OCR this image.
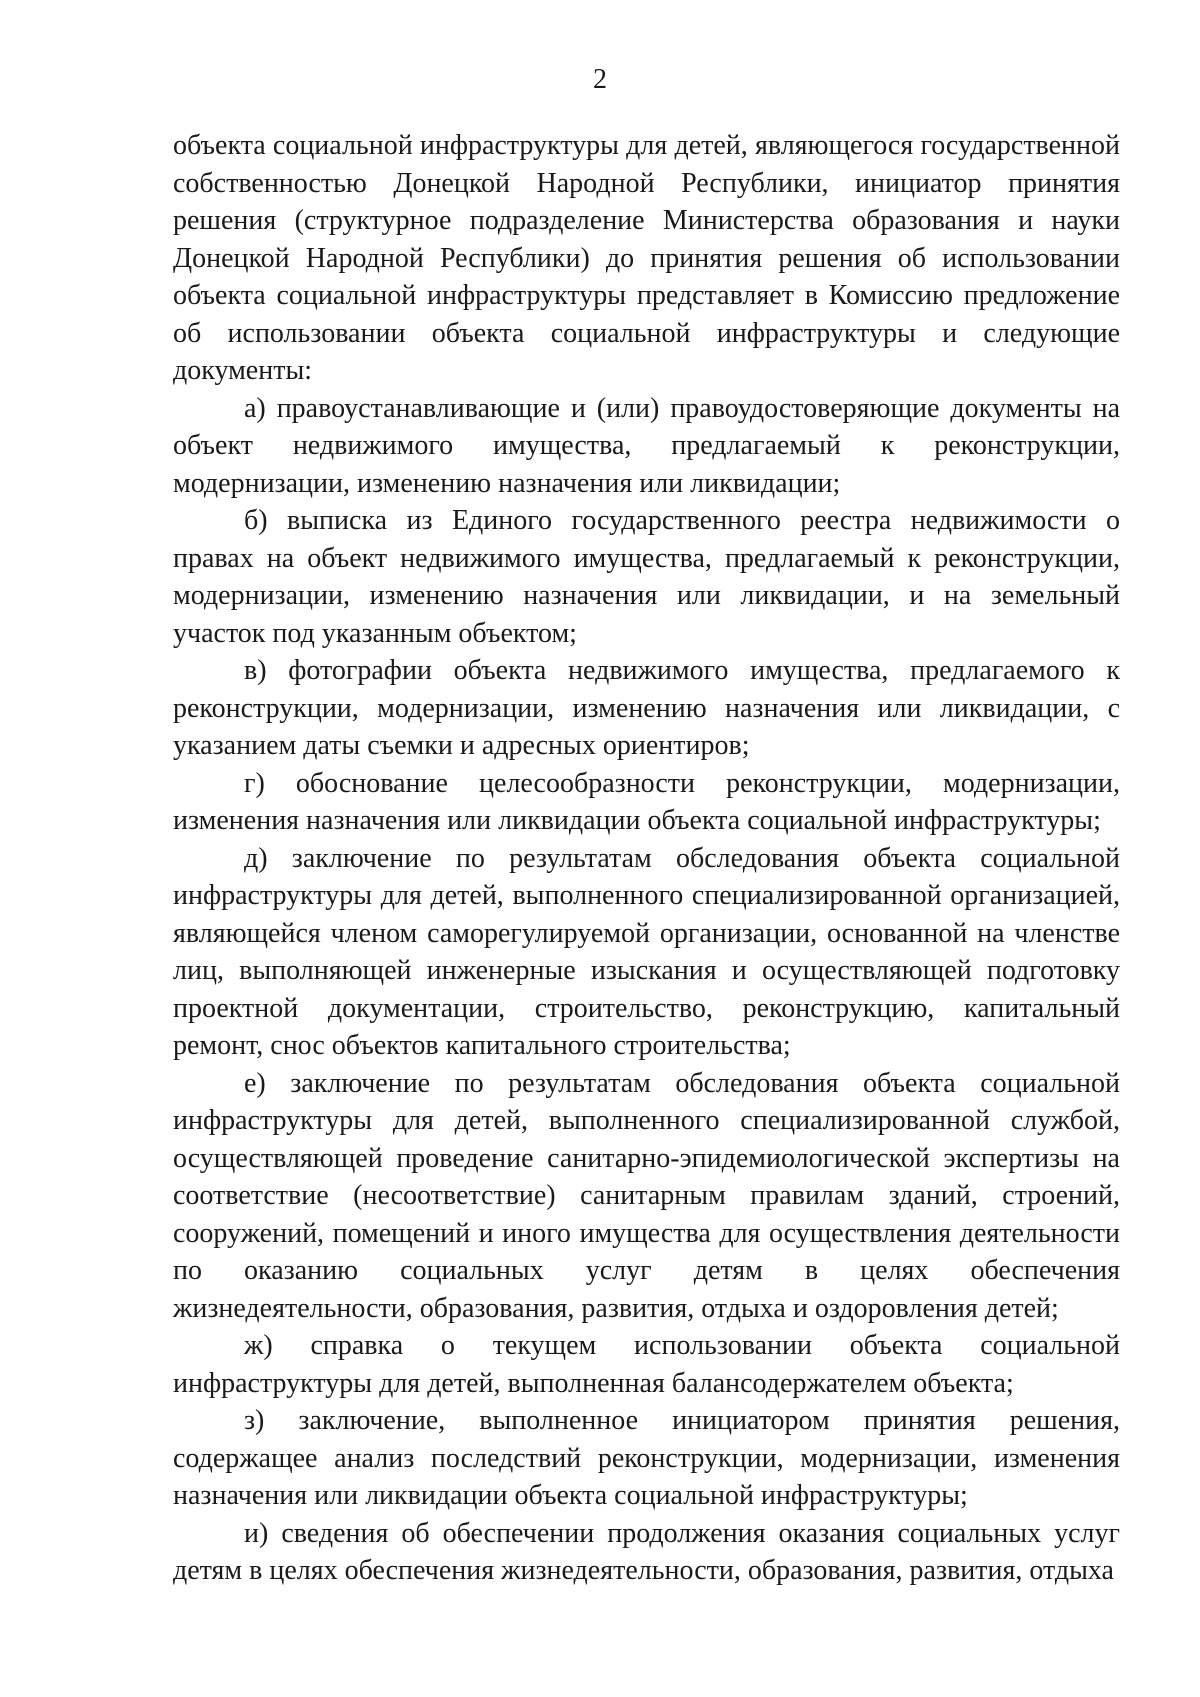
2

объекта социальной инфраструктуры для детей, являющегося государственной собственностью Донецкой Народной Республики, инициатор принятия решения (структурное подразделение Министерства образования и науки Донецкой Народной Республики) до принятия решения об использовании объекта социальной инфраструктуры представляет в Комиссию предложение об использовании объекта социальной инфраструктуры и следующие документы:

а) правоустанавливающие и (или) правоудостоверяющие документы на объект недвижимого имущества, предлагаемый к реконструкции, модернизации, изменению назначения или ликвидации;

б) выписка из Единого государственного реестра недвижимости о правах на объект недвижимого имущества, предлагаемый к реконструкции, модернизации, изменению назначения или ликвидации, и на земельный участок под указанным объектом;

в) фотографии объекта недвижимого имущества, предлагаемого к реконструкции, модернизации, изменению назначения или ликвидации, с указанием даты съемки и адресных ориентиров;

г) обоснование целесообразности реконструкции, модернизации, изменения назначения или ликвидации объекта социальной инфраструктуры;

д) заключение по результатам обследования объекта социальной инфраструктуры для детей, выполненного специализированной организацией, являющейся членом саморегулируемой организации, основанной на членстве лиц, выполняющей инженерные изыскания и осуществляющей подготовку проектной документации, строительство, реконструкцию, капитальный ремонт, снос объектов капитального строительства;

е) заключение по результатам обследования объекта социальной инфраструктуры для детей, выполненного специализированной службой, осуществляющей проведение санитарно-эпидемиологической экспертизы на соответствие (несоответствие) санитарным правилам зданий, строений, сооружений, помещений и иного имущества для осуществления деятельности по оказанию социальных услуг детям в целях обеспечения жизнедеятельности, образования, развития, отдыха и оздоровления детей;

ж) справка о текущем использовании объекта социальной инфраструктуры для детей, выполненная балансодержателем объекта;

з) заключение, выполненное инициатором принятия решения, содержащее анализ последствий реконструкции, модернизации, изменения назначения или ликвидации объекта социальной инфраструктуры;

и) сведения об обеспечении продолжения оказания социальных услуг детям в целях обеспечения жизнедеятельности, образования, развития, отдыха
